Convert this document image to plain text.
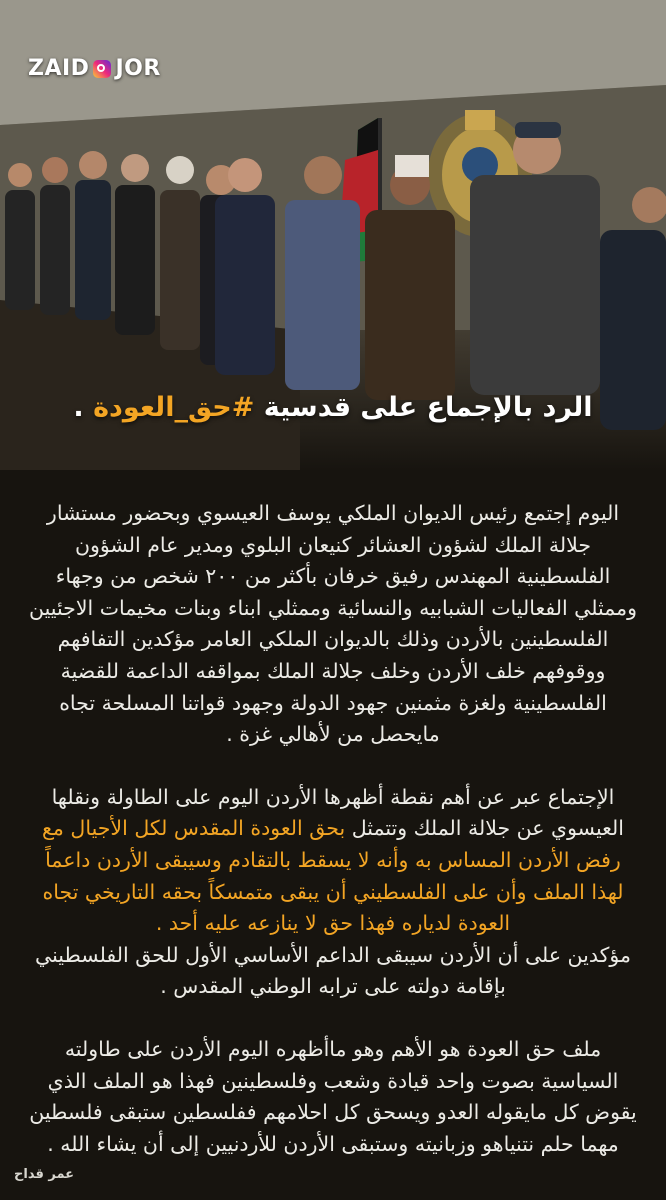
ZAID JOR
الرد بالإجماع على قدسية #حق_العودة .

اليوم إجتمع رئيس الديوان الملكي يوسف العيسوي وبحضور مستشار جلالة الملك لشؤون العشائر كنيعان البلوي ومدير عام الشؤون الفلسطينية المهندس رفيق خرفان بأكثر من ٢٠٠ شخص من وجهاء وممثلي الفعاليات الشبابيه والنسائية وممثلي ابناء وبنات مخيمات الاجئيين الفلسطينين بالأردن وذلك بالديوان الملكي العامر مؤكدين التفافهم ووقوفهم خلف الأردن وخلف جلالة الملك بمواقفه الداعمة للقضية الفلسطينية ولغزة مثمنين جهود الدولة وجهود قواتنا المسلحة تجاه مايحصل من لأهالي غزة .

الإجتماع عبر عن أهم نقطة أظهرها الأردن اليوم على الطاولة ونقلها العيسوي عن جلالة الملك وتتمثل بحق العودة المقدس لكل الأجيال مع رفض الأردن المساس به وأنه لا يسقط بالتقادم وسيبقى الأردن داعماً لهذا الملف وأن على الفلسطيني أن يبقى متمسكاً بحقه التاريخي تجاه العودة لدياره فهذا حق لا ينازعه عليه أحد .
مؤكدين على أن الأردن سيبقى الداعم الأساسي الأول للحق الفلسطيني بإقامة دولته على ترابه الوطني المقدس .

ملف حق العودة هو الأهم وهو ماأظهره اليوم الأردن على طاولته السياسية بصوت واحد قيادة وشعب وفلسطينين فهذا هو الملف الذي يقوض كل مايقوله العدو ويسحق كل احلامهم ففلسطين ستبقى فلسطين مهما حلم نتنياهو وزبانيته وستبقى الأردن للأردنيين إلى أن يشاء الله .

عمر قداح
